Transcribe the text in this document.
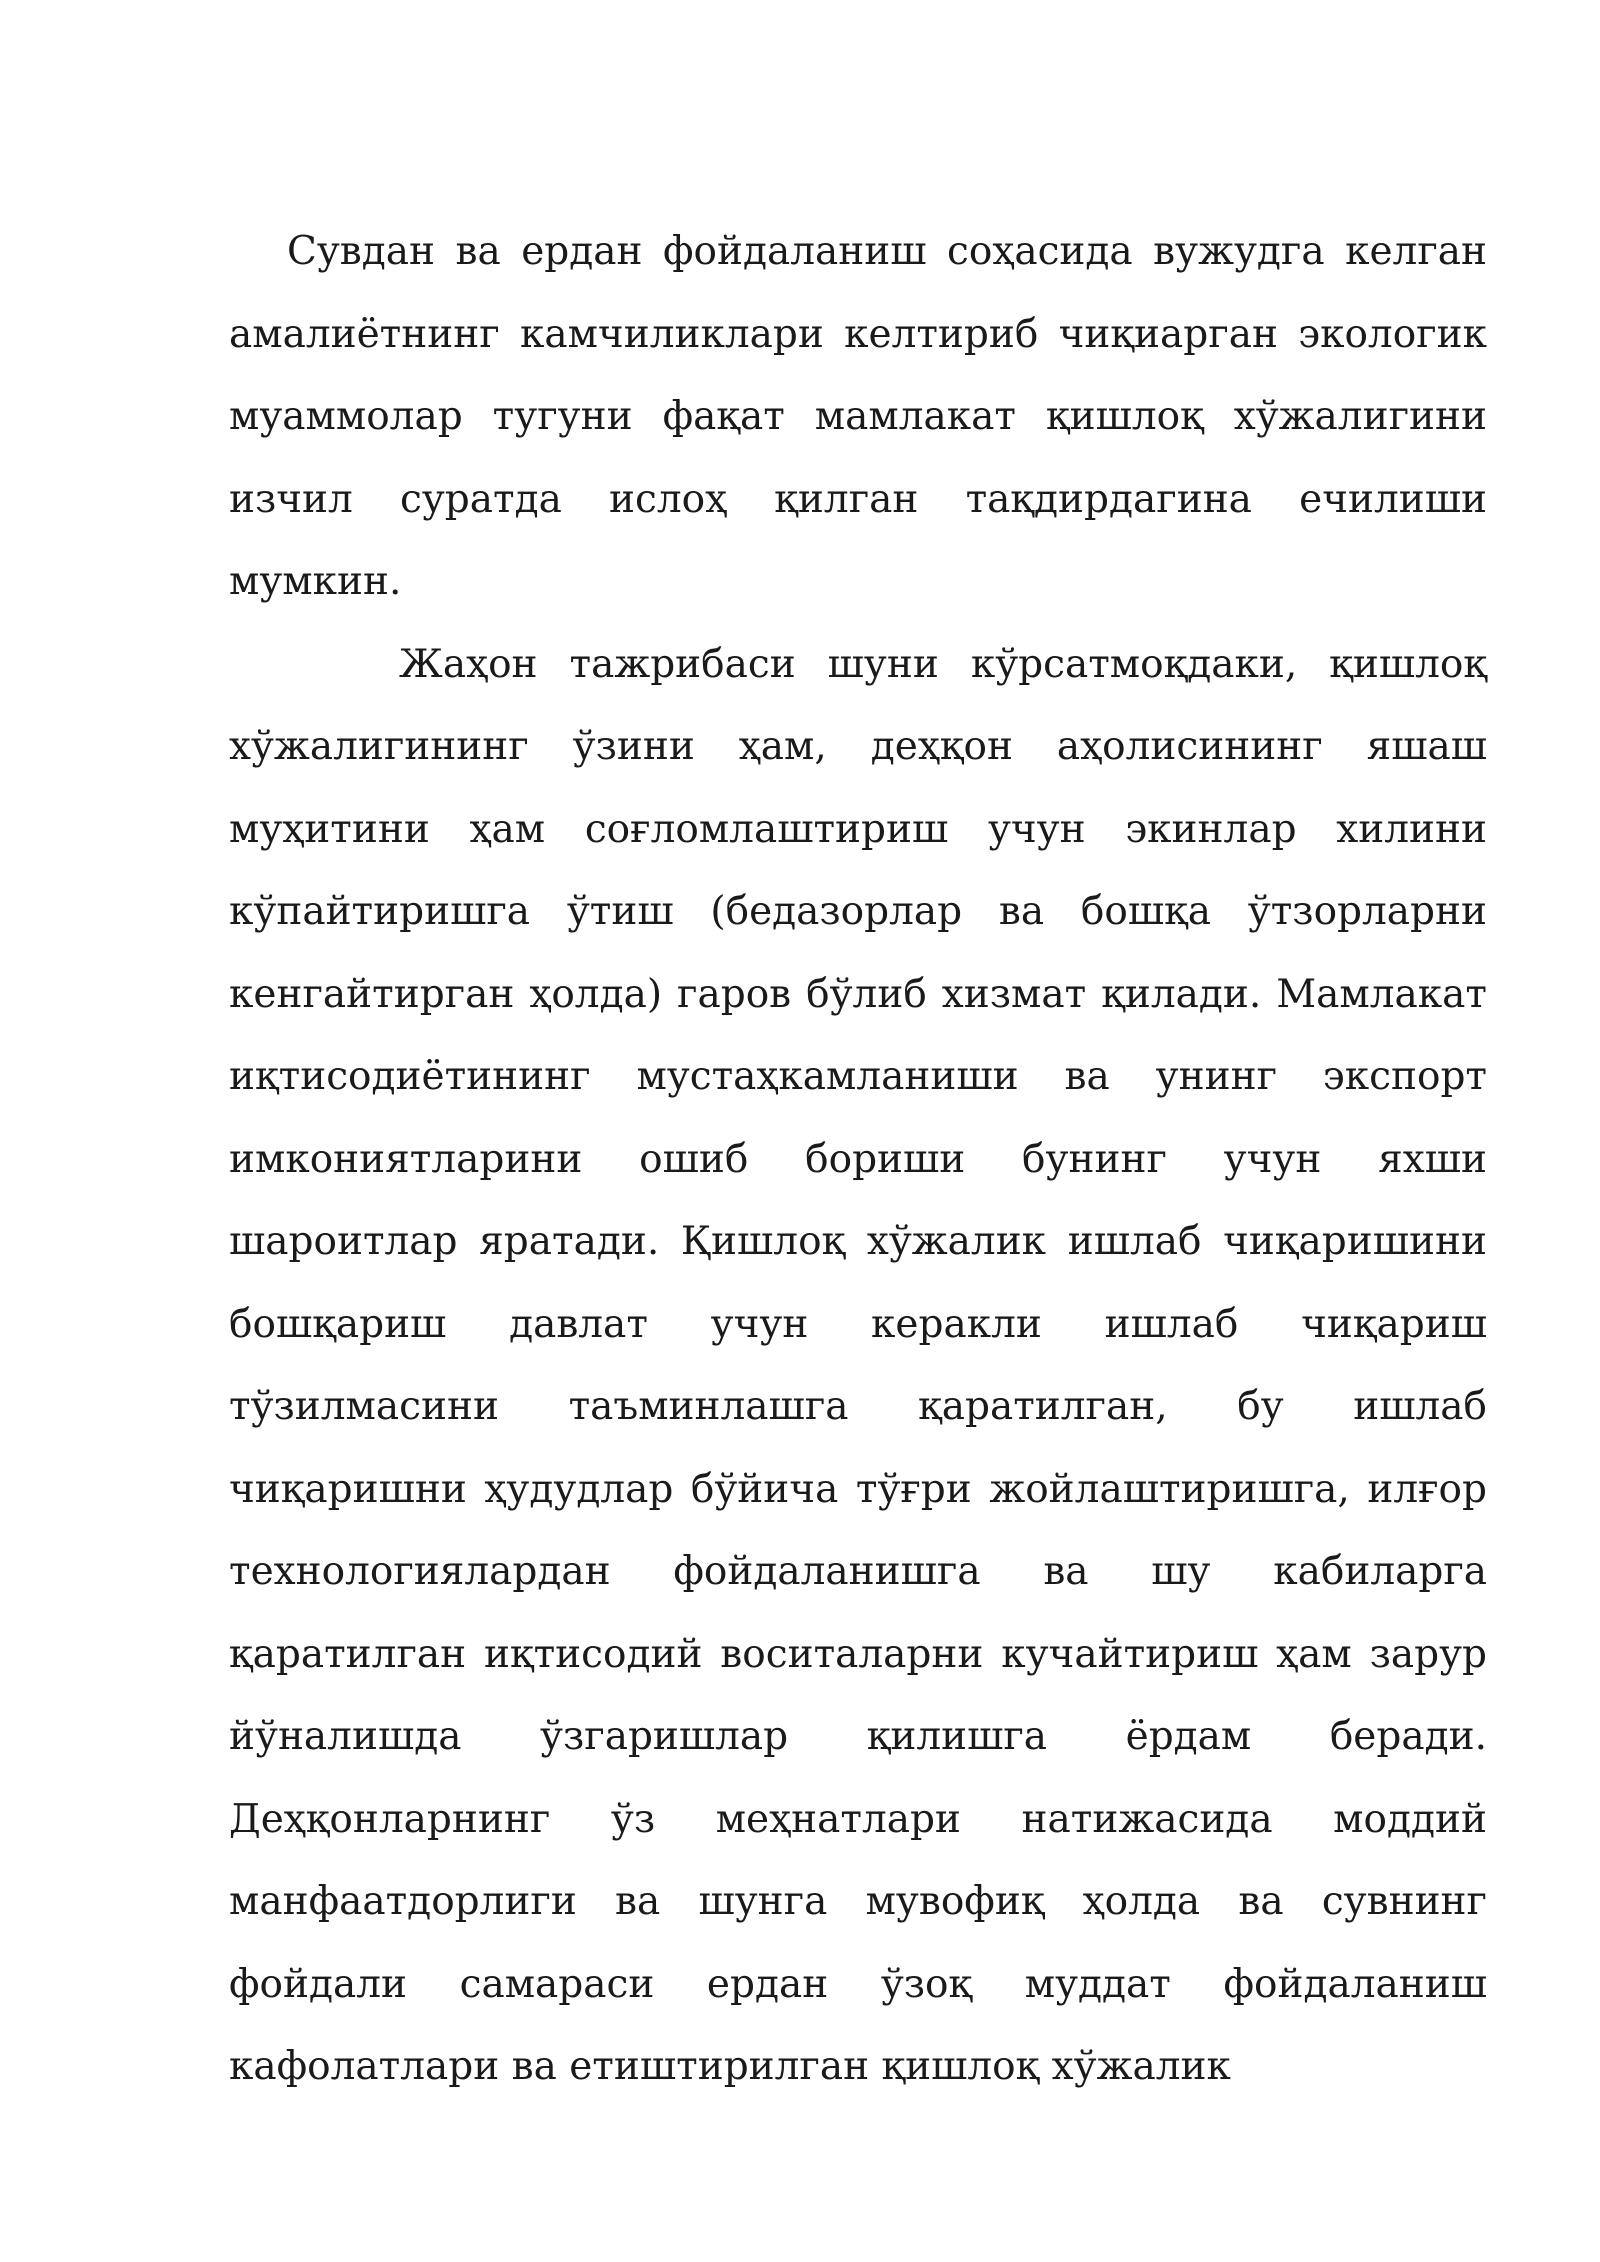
Сувдан ва ердан фойдаланиш соҳасида вужудга келган амалиётнинг камчиликлари келтириб чиқиарган экологик муаммолар тугуни фақат мамлакат қишлоқ хўжалигини изчил суратда ислоҳ қилган тақдирдагина ечилиши мумкин.

Жаҳон тажрибаси шуни кўрсатмоқдаки, қишлоқ хўжалигининг ўзини ҳам, деҳқон аҳолисининг яшаш муҳитини ҳам соғломлаштириш учун экинлар хилини кўпайтиришга ўтиш (бедазорлар ва бошқа ўтзорларни кенгайтирган ҳолда) гаров бўлиб хизмат қилади. Мамлакат иқтисодиётининг мустаҳкамланиши ва унинг экспорт имкониятларини ошиб бориши бунинг учун яхши шароитлар яратади. Қишлоқ хўжалик ишлаб чиқаришини бошқариш давлат учун керакли ишлаб чиқариш тўзилмасини таъминлашга қаратилган, бу ишлаб чиқаришни ҳудудлар бўйича тўғри жойлаштиришга, илғор технологиялардан фойдаланишга ва шу кабиларга қаратилган иқтисодий воситаларни кучайтириш ҳам зарур йўналишда ўзгаришлар қилишга ёрдам беради. Деҳқонларнинг ўз меҳнатлари натижасида моддий манфаатдорлиги ва шунга мувофиқ ҳолда ва сувнинг фойдали самараси ердан ўзоқ муддат фойдаланиш кафолатлари ва етиштирилган қишлоқ хўжалик
